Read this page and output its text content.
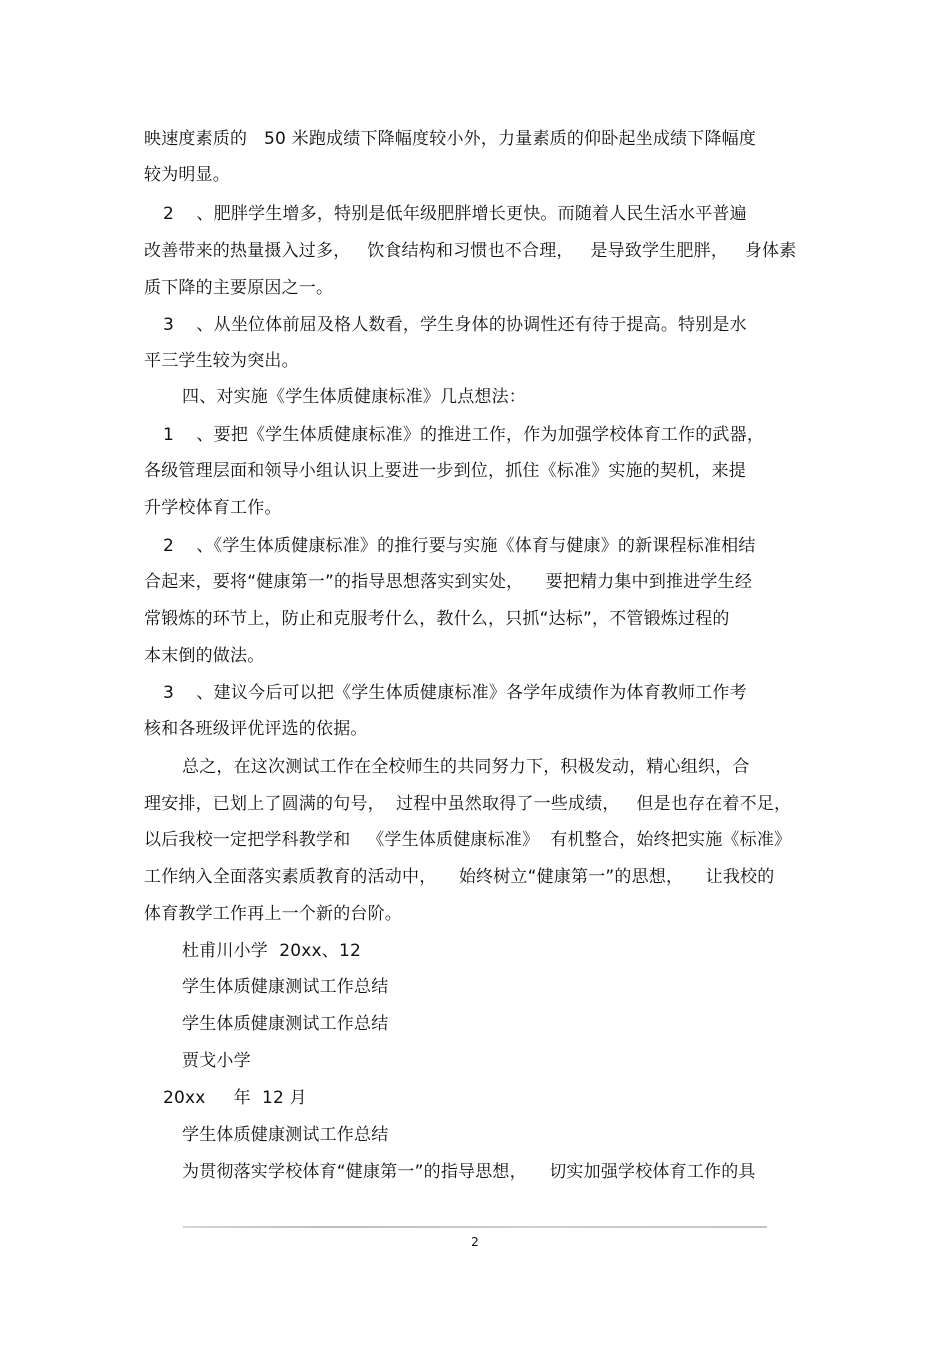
映速度素质的   50 米跑成绩下降幅度较小外，力量素质的仰卧起坐成绩下降幅度
较为明显。
2    、肥胖学生增多，特别是低年级肥胖增长更快。而随着人民生活水平普遍
改善带来的热量摄入过多，   饮食结构和习惯也不合理，   是导致学生肥胖，   身体素
质下降的主要原因之一。
3    、从坐位体前屈及格人数看，学生身体的协调性还有待于提高。特别是水
平三学生较为突出。
四、对实施《学生体质健康标准》几点想法：
1    、要把《学生体质健康标准》的推进工作，作为加强学校体育工作的武器，
各级管理层面和领导小组认识上要进一步到位，抓住《标准》实施的契机，来提
升学校体育工作。
2    、《学生体质健康标准》的推行要与实施《体育与健康》的新课程标准相结
合起来，要将“健康第一”的指导思想落实到实处，    要把精力集中到推进学生经
常锻炼的环节上，防止和克服考什么，教什么，只抓“达标”，不管锻炼过程的
本末倒的做法。
3    、建议今后可以把《学生体质健康标准》各学年成绩作为体育教师工作考
核和各班级评优评选的依据。
总之，在这次测试工作在全校师生的共同努力下，积极发动，精心组织，合
理安排，已划上了圆满的句号，  过程中虽然取得了一些成绩，   但是也存在着不足，
以后我校一定把学科教学和   《学生体质健康标准》  有机整合，始终把实施《标准》
工作纳入全面落实素质教育的活动中，    始终树立“健康第一”的思想，    让我校的
体育教学工作再上一个新的台阶。
杜甫川小学  20xx、12
学生体质健康测试工作总结
学生体质健康测试工作总结
贾戈小学
20xx     年  12 月
学生体质健康测试工作总结
为贯彻落实学校体育“健康第一”的指导思想，    切实加强学校体育工作的具
2
